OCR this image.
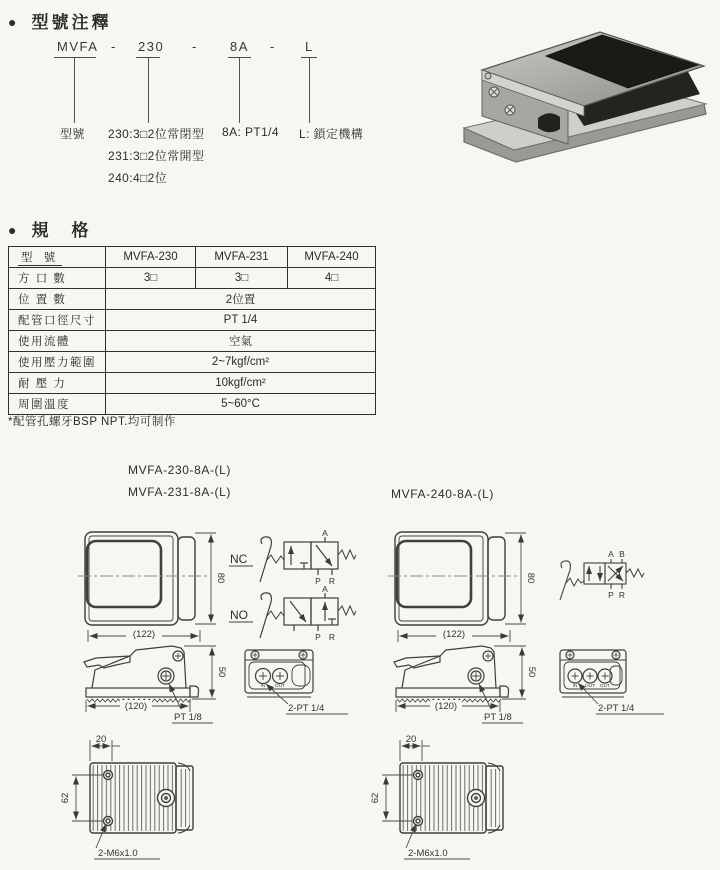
● 型號注釋
MVFA - 230 - 8A - L
型號 230:3□2位常閉型
231:3□2位常開型
240:4□2位
8A: PT1/4 L: 鎖定機構
● 規　格
型 號	MVFA-230	MVFA-231	MVFA-240
方 口 數	3□	3□	4□
位 置 數	2位置		
配管口徑尺寸	PT 1/4		
使用流體	空氣		
使用壓力範圍	2~7kgf/cm²		
耐 壓 力	10kgf/cm²		
周圍溫度	5~60°C		
*配管孔螺牙BSP NPT.均可制作
MVFA-230-8A-(L)
MVFA-231-8A-(L)	MVFA-240-8A-(L)
80
(122)
NC
A
P R
NO
A
P R
80
(122)
A B
P R
50
(120)
PT 1/8
IN OUT
2-PT 1/4
50
(120)
PT 1/8
IN OUT OUT
2-PT 1/4
20
62
2-M6x1.0
20
62
2-M6x1.0
